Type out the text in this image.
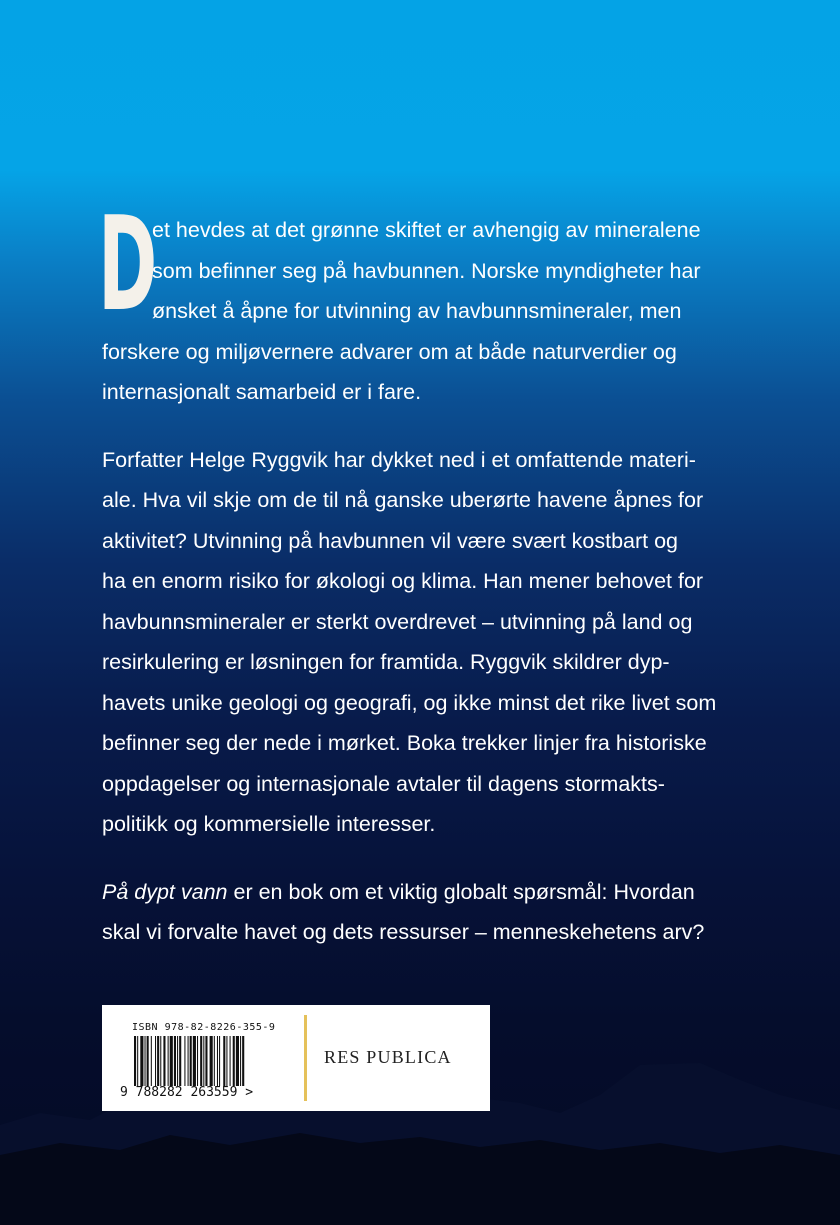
D
et hevdes at det grønne skiftet er avhengig av mineralene
som befinner seg på havbunnen. Norske myndigheter har
ønsket å åpne for utvinning av havbunnsmineraler, men
forskere og miljøvernere advarer om at både naturverdier og
internasjonalt samarbeid er i fare.
Forfatter Helge Ryggvik har dykket ned i et omfattende materi-
ale. Hva vil skje om de til nå ganske uberørte havene åpnes for
aktivitet? Utvinning på havbunnen vil være svært kostbart og
ha en enorm risiko for økologi og klima. Han mener behovet for
havbunnsmineraler er sterkt overdrevet – utvinning på land og
resirkulering er løsningen for framtida. Ryggvik skildrer dyp-
havets unike geologi og geografi, og ikke minst det rike livet som
befinner seg der nede i mørket. Boka trekker linjer fra historiske
oppdagelser og internasjonale avtaler til dagens stormakts-
politikk og kommersielle interesser.
På dypt vann er en bok om et viktig globalt spørsmål: Hvordan
skal vi forvalte havet og dets ressurser – menneskehetens arv?
ISBN 978-82-8226-355-9
9 788282 263559 >
RES PUBLICA
